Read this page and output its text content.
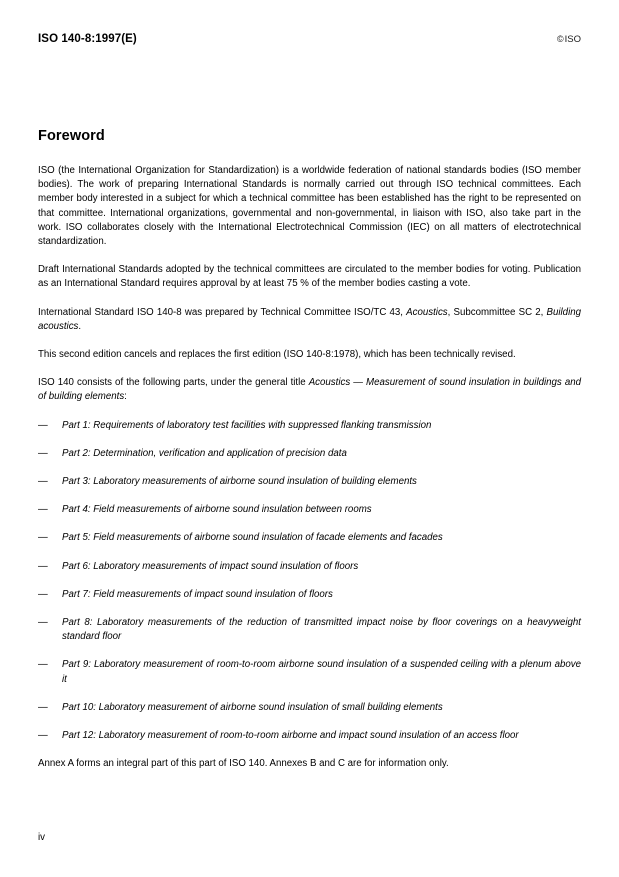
ISO 140-8:1997(E)	©ISO
Foreword

ISO (the International Organization for Standardization) is a worldwide federation of national standards bodies (ISO member bodies). The work of preparing International Standards is normally carried out through ISO technical committees. Each member body interested in a subject for which a technical committee has been established has the right to be represented on that committee. International organizations, governmental and non-governmental, in liaison with ISO, also take part in the work. ISO collaborates closely with the International Electrotechnical Commission (IEC) on all matters of electrotechnical standardization.

Draft International Standards adopted by the technical committees are circulated to the member bodies for voting. Publication as an International Standard requires approval by at least 75 % of the member bodies casting a vote.

International Standard ISO 140-8 was prepared by Technical Committee ISO/TC 43, Acoustics, Subcommittee SC 2, Building acoustics.

This second edition cancels and replaces the first edition (ISO 140-8:1978), which has been technically revised.

ISO 140 consists of the following parts, under the general title Acoustics — Measurement of sound insulation in buildings and of building elements:

— Part 1: Requirements of laboratory test facilities with suppressed flanking transmission
— Part 2: Determination, verification and application of precision data
— Part 3: Laboratory measurements of airborne sound insulation of building elements
— Part 4: Field measurements of airborne sound insulation between rooms
— Part 5: Field measurements of airborne sound insulation of facade elements and facades
— Part 6: Laboratory measurements of impact sound insulation of floors
— Part 7: Field measurements of impact sound insulation of floors
— Part 8: Laboratory measurements of the reduction of transmitted impact noise by floor coverings on a heavyweight standard floor
— Part 9: Laboratory measurement of room-to-room airborne sound insulation of a suspended ceiling with a plenum above it
— Part 10: Laboratory measurement of airborne sound insulation of small building elements
— Part 12: Laboratory measurement of room-to-room airborne and impact sound insulation of an access floor

Annex A forms an integral part of this part of ISO 140. Annexes B and C are for information only.

iv
